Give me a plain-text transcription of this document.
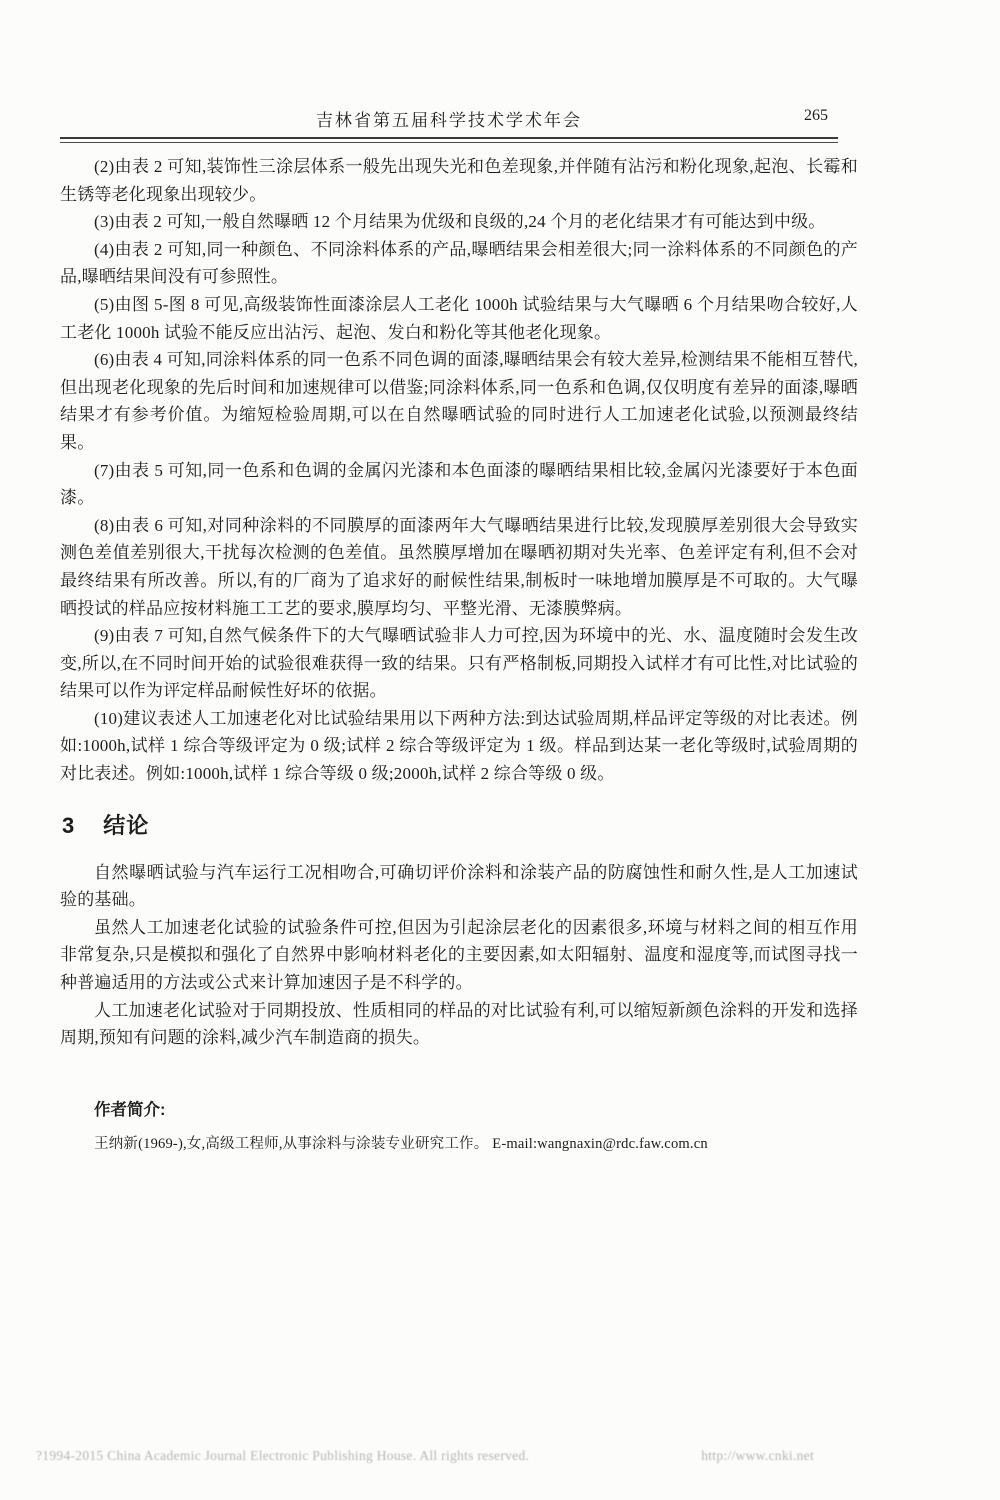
吉林省第五届科学技术学术年会	265

(2)由表 2 可知,装饰性三涂层体系一般先出现失光和色差现象,并伴随有沾污和粉化现象,起泡、长霉和生锈等老化现象出现较少。

(3)由表 2 可知,一般自然曝晒 12 个月结果为优级和良级的,24 个月的老化结果才有可能达到中级。

(4)由表 2 可知,同一种颜色、不同涂料体系的产品,曝晒结果会相差很大;同一涂料体系的不同颜色的产品,曝晒结果间没有可参照性。

(5)由图 5-图 8 可见,高级装饰性面漆涂层人工老化 1000h 试验结果与大气曝晒 6 个月结果吻合较好,人工老化 1000h 试验不能反应出沾污、起泡、发白和粉化等其他老化现象。

(6)由表 4 可知,同涂料体系的同一色系不同色调的面漆,曝晒结果会有较大差异,检测结果不能相互替代,但出现老化现象的先后时间和加速规律可以借鉴;同涂料体系,同一色系和色调,仅仅明度有差异的面漆,曝晒结果才有参考价值。为缩短检验周期,可以在自然曝晒试验的同时进行人工加速老化试验,以预测最终结果。

(7)由表 5 可知,同一色系和色调的金属闪光漆和本色面漆的曝晒结果相比较,金属闪光漆要好于本色面漆。

(8)由表 6 可知,对同种涂料的不同膜厚的面漆两年大气曝晒结果进行比较,发现膜厚差别很大会导致实测色差值差别很大,干扰每次检测的色差值。虽然膜厚增加在曝晒初期对失光率、色差评定有利,但不会对最终结果有所改善。所以,有的厂商为了追求好的耐候性结果,制板时一味地增加膜厚是不可取的。大气曝晒投试的样品应按材料施工工艺的要求,膜厚均匀、平整光滑、无漆膜弊病。

(9)由表 7 可知,自然气候条件下的大气曝晒试验非人力可控,因为环境中的光、水、温度随时会发生改变,所以,在不同时间开始的试验很难获得一致的结果。只有严格制板,同期投入试样才有可比性,对比试验的结果可以作为评定样品耐候性好坏的依据。

(10)建议表述人工加速老化对比试验结果用以下两种方法:到达试验周期,样品评定等级的对比表述。例如:1000h,试样 1 综合等级评定为 0 级;试样 2 综合等级评定为 1 级。样品到达某一老化等级时,试验周期的对比表述。例如:1000h,试样 1 综合等级 0 级;2000h,试样 2 综合等级 0 级。

3 结论

自然曝晒试验与汽车运行工况相吻合,可确切评价涂料和涂装产品的防腐蚀性和耐久性,是人工加速试验的基础。

虽然人工加速老化试验的试验条件可控,但因为引起涂层老化的因素很多,环境与材料之间的相互作用非常复杂,只是模拟和强化了自然界中影响材料老化的主要因素,如太阳辐射、温度和湿度等,而试图寻找一种普遍适用的方法或公式来计算加速因子是不科学的。

人工加速老化试验对于同期投放、性质相同的样品的对比试验有利,可以缩短新颜色涂料的开发和选择周期,预知有问题的涂料,减少汽车制造商的损失。

作者简介:

王纳新(1969-),女,高级工程师,从事涂料与涂装专业研究工作。 E-mail:wangnaxin@rdc.faw.com.cn

?1994-2015 China Academic Journal Electronic Publishing House. All rights reserved.	http://www.cnki.net
